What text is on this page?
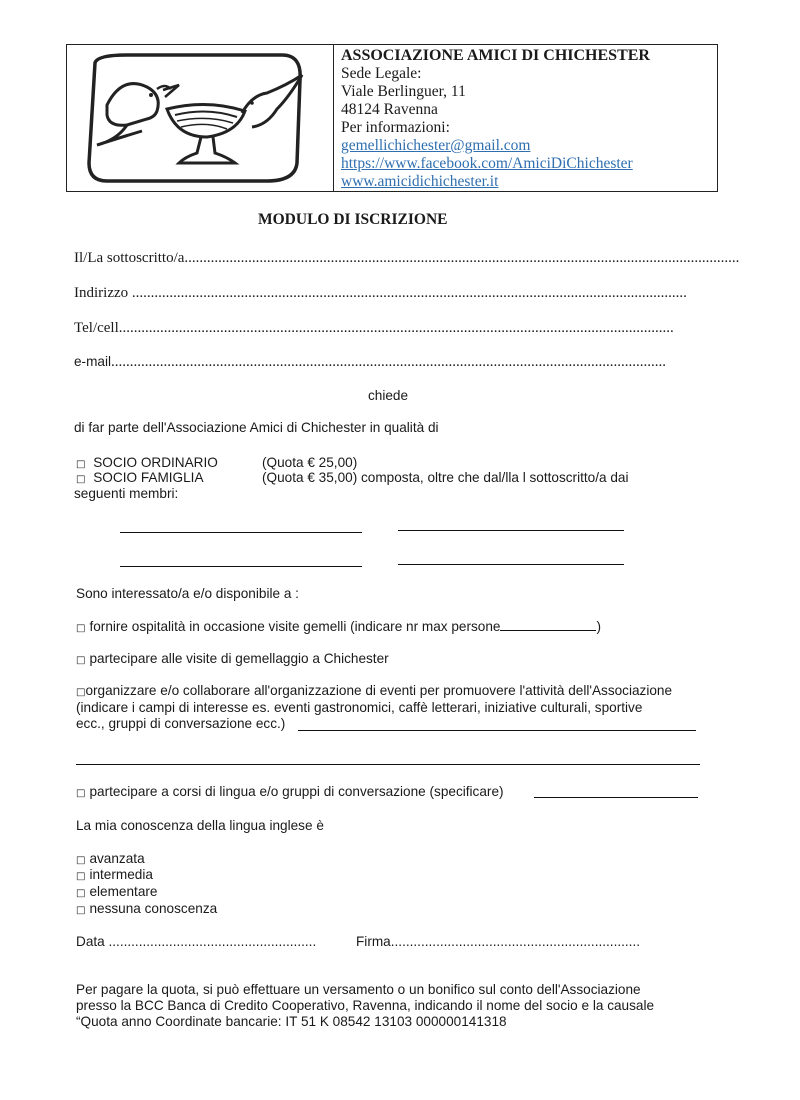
ASSOCIAZIONE AMICI DI CHICHESTER
Sede Legale:
Viale Berlinguer, 11
48124 Ravenna
Per informazioni:
gemellichichester@gmail.com
https://www.facebook.com/AmiciDiChichester
www.amicidichichester.it
MODULO DI ISCRIZIONE
Il/La sottoscritto/a....................................................................................................................................................
Indirizzo ....................................................................................................................................................
Tel/cell....................................................................................................................................................
e-mail....................................................................................................................................................
chiede
di far parte dell'Associazione Amici di Chichester in qualità di
□ SOCIO ORDINARIO	(Quota € 25,00)
□ SOCIO FAMIGLIA	(Quota € 35,00) composta, oltre che dal/lla l sottoscritto/a dai
seguenti membri:
Sono interessato/a e/o disponibile a :
□ fornire ospitalità in occasione visite gemelli (indicare nr max persone	)
□ partecipare alle visite di gemellaggio a Chichester
□organizzare e/o collaborare all'organizzazione di eventi per promuovere l'attività dell'Associazione
(indicare i campi di interesse es. eventi gastronomici, caffè letterari, iniziative culturali, sportive
ecc., gruppi di conversazione ecc.)
□ partecipare a corsi di lingua e/o gruppi di conversazione (specificare)
La mia conoscenza della lingua inglese è
□ avanzata
□ intermedia
□ elementare
□ nessuna conoscenza
Data .......................................................	Firma..................................................................
Per pagare la quota, si può effettuare un versamento o un bonifico sul conto dell'Associazione
presso la BCC Banca di Credito Cooperativo, Ravenna, indicando il nome del socio e la causale
“Quota anno Coordinate bancarie: IT 51 K 08542 13103 000000141318
